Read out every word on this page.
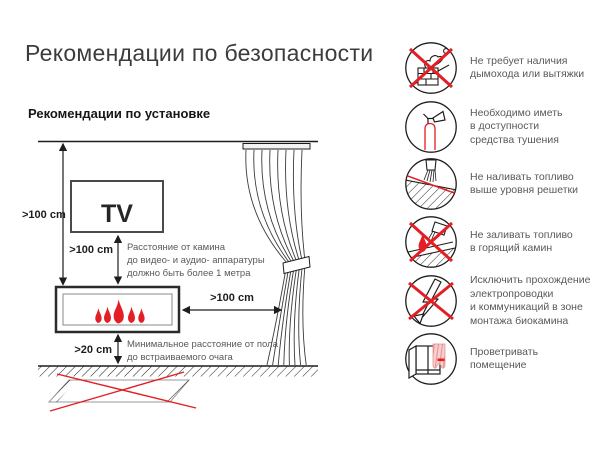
Рекомендации по безопасности
Рекомендации по установке
>100 cm TV
>100 cm Расстояние от камина
до видео- и аудио- аппаратуры
должно быть более 1 метра
>100 cm
>20 cm Минимальное расстояние от пола
до встраиваемого очага
Не требует наличия
дымохода или вытяжки
Необходимо иметь
в доступности
средства тушения
Не наливать топливо
выше уровня решетки
Не заливать топливо
в горящий камин
Исключить прохождение
электропроводки
и коммуникаций в зоне
монтажа биокамина
Проветривать
помещение
